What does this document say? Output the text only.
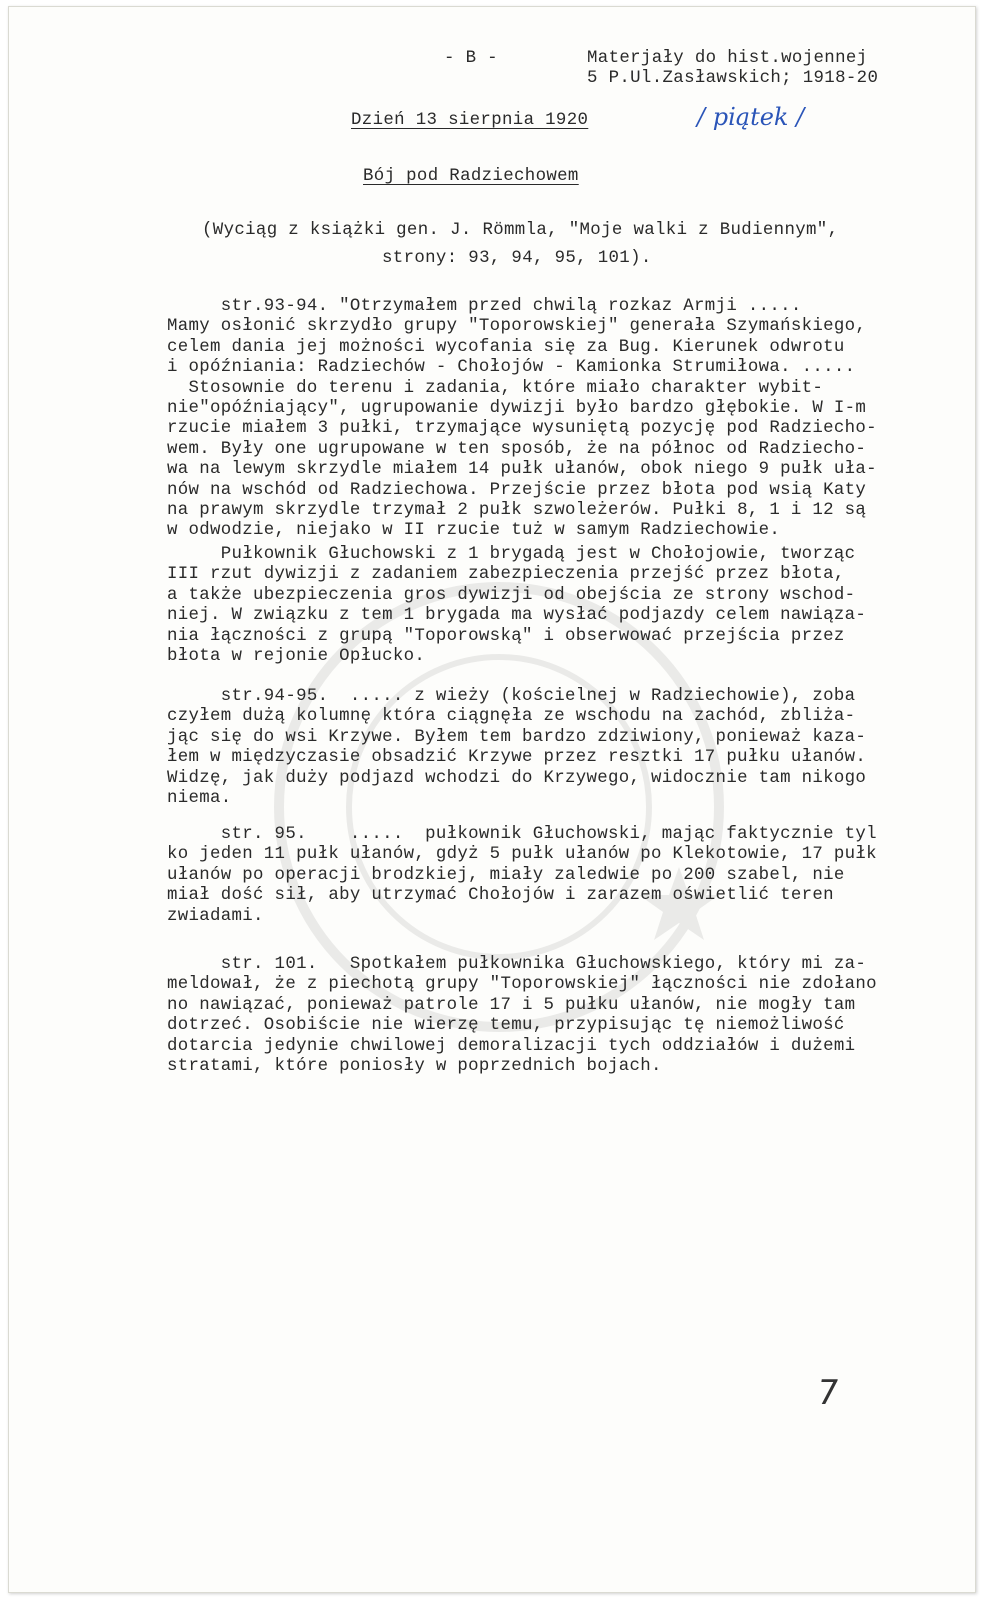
- B -	Materjały do hist.wojennej
5 P.Ul.Zasławskich; 1918-20
Dzień 13 sierpnia 1920	/ piątek /
Bój pod Radziechowem
(Wyciąg z książki gen. J. Römmla, "Moje walki z Budiennym",
strony: 93, 94, 95, 101).
str.93-94. "Otrzymałem przed chwilą rozkaz Armji .....
Mamy osłonić skrzydło grupy "Toporowskiej" generała Szymańskiego,
celem dania jej możności wycofania się za Bug. Kierunek odwrotu
i opóźniania: Radziechów - Chołojów - Kamionka Strumiłowa. .....
Stosownie do terenu i zadania, które miało charakter wybit-
nie"opóźniający", ugrupowanie dywizji było bardzo głębokie. W I-m
rzucie miałem 3 pułki, trzymające wysuniętą pozycję pod Radziecho-
wem. Były one ugrupowane w ten sposób, że na północ od Radziecho-
wa na lewym skrzydle miałem 14 pułk ułanów, obok niego 9 pułk uła-
nów na wschód od Radziechowa. Przejście przez błota pod wsią Katy
na prawym skrzydle trzymał 2 pułk szwoleżerów. Pułki 8, 1 i 12 są
w odwodzie, niejako w II rzucie tuż w samym Radziechowie.
Pułkownik Głuchowski z 1 brygadą jest w Chołojowie, tworząc
III rzut dywizji z zadaniem zabezpieczenia przejść przez błota,
a także ubezpieczenia gros dywizji od obejścia ze strony wschod-
niej. W związku z tem 1 brygada ma wysłać podjazdy celem nawiąza-
nia łączności z grupą "Toporowską" i obserwować przejścia przez
błota w rejonie Opłucko.
str.94-95.  ..... z wieży (kościelnej w Radziechowie), zoba
czyłem dużą kolumnę która ciągnęła ze wschodu na zachód, zbliża-
jąc się do wsi Krzywe. Byłem tem bardzo zdziwiony, ponieważ kaza-
łem w międzyczasie obsadzić Krzywe przez resztki 17 pułku ułanów.
Widzę, jak duży podjazd wchodzi do Krzywego, widocznie tam nikogo
niema.
str. 95.    .....  pułkownik Głuchowski, mając faktycznie tyl
ko jeden 11 pułk ułanów, gdyż 5 pułk ułanów po Klekotowie, 17 pułk
ułanów po operacji brodzkiej, miały zaledwie po 200 szabel, nie
miał dość sił, aby utrzymać Chołojów i zarazem oświetlić teren
zwiadami.
str. 101.   Spotkałem pułkownika Głuchowskiego, który mi za-
meldował, że z piechotą grupy "Toporowskiej" łączności nie zdołano
no nawiązać, ponieważ patrole 17 i 5 pułku ułanów, nie mogły tam
dotrzeć. Osobiście nie wierzę temu, przypisując tę niemożliwość
dotarcia jedynie chwilowej demoralizacji tych oddziałów i dużemi
stratami, które poniosły w poprzednich bojach.
7
